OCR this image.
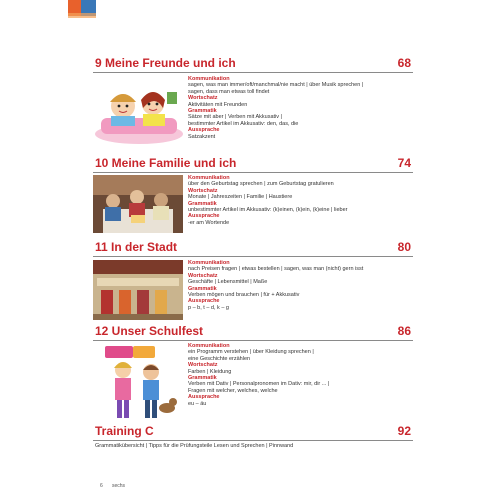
9 Meine Freunde und ich	68
Kommunikation
sagen, was man immer/oft/manchmal/nie macht | über Musik sprechen |
sagen, dass man etwas toll findet
Wortschatz
Aktivitäten mit Freunden
Grammatik
Sätze mit aber | Verben mit Akkusativ |
bestimmter Artikel im Akkusativ: den, das, die
Aussprache
Satzakzent
10 Meine Familie und ich	74
Kommunikation
über den Geburtstag sprechen | zum Geburtstag gratulieren
Wortschatz
Monate | Jahreszeiten | Familie | Haustiere
Grammatik
unbestimmter Artikel im Akkusativ: (k)einen, (k)ein, (k)eine | lieber
Aussprache
-er am Wortende
11 In der Stadt	80
Kommunikation
nach Preisen fragen | etwas bestellen | sagen, was man (nicht) gern isst
Wortschatz
Geschäfte | Lebensmittel | Maße
Grammatik
Verben mögen und brauchen | für + Akkusativ
Aussprache
p – b, t – d, k – g
12 Unser Schulfest	86
Kommunikation
ein Programm verstehen | über Kleidung sprechen |
eine Geschichte erzählen
Wortschatz
Farben | Kleidung
Grammatik
Verben mit Dativ | Personalpronomen im Dativ: mir, dir ... |
Fragen mit welcher, welches, welche
Aussprache
eu – äu
Training C	92
Grammatikübersicht | Tipps für die Prüfungsteile Lesen und Sprechen | Pinnwand
6 sechs
